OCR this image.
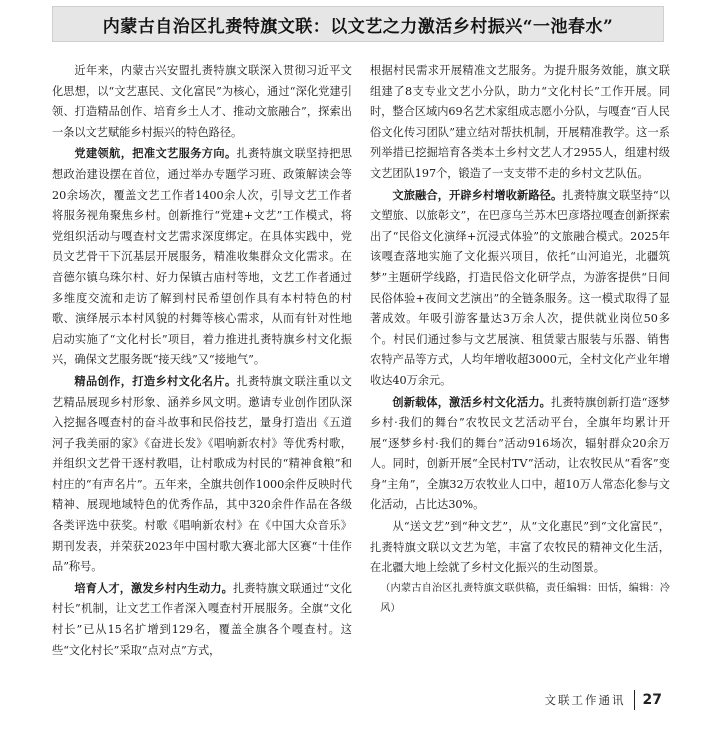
内蒙古自治区扎赉特旗文联：以文艺之力激活乡村振兴“一池春水”

近年来，内蒙古兴安盟扎赉特旗文联深入贯彻习近平文化思想，以“文艺惠民、文化富民”为核心，通过“深化党建引领、打造精品创作、培育乡土人才、推动文旅融合”，探索出一条以文艺赋能乡村振兴的特色路径。

党建领航，把准文艺服务方向。扎赉特旗文联坚持把思想政治建设摆在首位，通过举办专题学习班、政策解读会等20余场次，覆盖文艺工作者1400余人次，引导文艺工作者将服务视角聚焦乡村。创新推行“党建+文艺”工作模式，将党组织活动与嘎查村文艺需求深度绑定。在具体实践中，党员文艺骨干下沉基层开展服务，精准收集群众文化需求。在音德尔镇乌珠尔村、好力保镇古庙村等地，文艺工作者通过多维度交流和走访了解到村民希望创作具有本村特色的村歌、演绎展示本村风貌的村舞等核心需求，从而有针对性地启动实施了“文化村长”项目，着力推进扎赉特旗乡村文化振兴，确保文艺服务既“接天线”又“接地气”。

精品创作，打造乡村文化名片。扎赉特旗文联注重以文艺精品展现乡村形象、涵养乡风文明。邀请专业创作团队深入挖掘各嘎查村的奋斗故事和民俗技艺，量身打造出《五道河子我美丽的家》《奋进长发》《唱响新农村》等优秀村歌，并组织文艺骨干逐村教唱，让村歌成为村民的“精神食粮”和村庄的“有声名片”。五年来，全旗共创作1000余件反映时代精神、展现地域特色的优秀作品，其中320余件作品在各级各类评选中获奖。村歌《唱响新农村》在《中国大众音乐》期刊发表，并荣获2023年中国村歌大赛北部大区赛“十佳作品”称号。

培育人才，激发乡村内生动力。扎赉特旗文联通过“文化村长”机制，让文艺工作者深入嘎查村开展服务。全旗“文化村长”已从15名扩增到129名，覆盖全旗各个嘎查村。这些“文化村长”采取“点对点”方式，

根据村民需求开展精准文艺服务。为提升服务效能，旗文联组建了8支专业文艺小分队，助力“文化村长”工作开展。同时，整合区域内69名艺术家组成志愿小分队，与嘎查“百人民俗文化传习团队”建立结对帮扶机制，开展精准教学。这一系列举措已挖掘培育各类本土乡村文艺人才2955人，组建村级文艺团队197个，锻造了一支支带不走的乡村文艺队伍。

文旅融合，开辟乡村增收新路径。扎赉特旗文联坚持“以文塑旅、以旅彰文”，在巴彦乌兰苏木巴彦塔拉嘎查创新探索出了“民俗文化演绎+沉浸式体验”的文旅融合模式。2025年该嘎查落地实施了文化振兴项目，依托“山河追光，北疆筑梦”主题研学线路，打造民俗文化研学点，为游客提供“日间民俗体验+夜间文艺演出”的全链条服务。这一模式取得了显著成效。年吸引游客量达3万余人次，提供就业岗位50多个。村民们通过参与文艺展演、租赁蒙古服装与乐器、销售农特产品等方式，人均年增收超3000元，全村文化产业年增收达40万余元。

创新载体，激活乡村文化活力。扎赉特旗创新打造“逐梦乡村·我们的舞台”农牧民文艺活动平台，全旗年均累计开展“逐梦乡村·我们的舞台”活动916场次，辐射群众20余万人。同时，创新开展“全民村TV”活动，让农牧民从“看客”变身“主角”，全旗32万农牧业人口中，超10万人常态化参与文化活动，占比达30%。

从“送文艺”到“种文艺”，从“文化惠民”到“文化富民”，扎赉特旗文联以文艺为笔，丰富了农牧民的精神文化生活，在北疆大地上绘就了乡村文化振兴的生动图景。

（内蒙古自治区扎赉特旗文联供稿，责任编辑：田恬，编辑：冷风）

文联工作通讯 27
